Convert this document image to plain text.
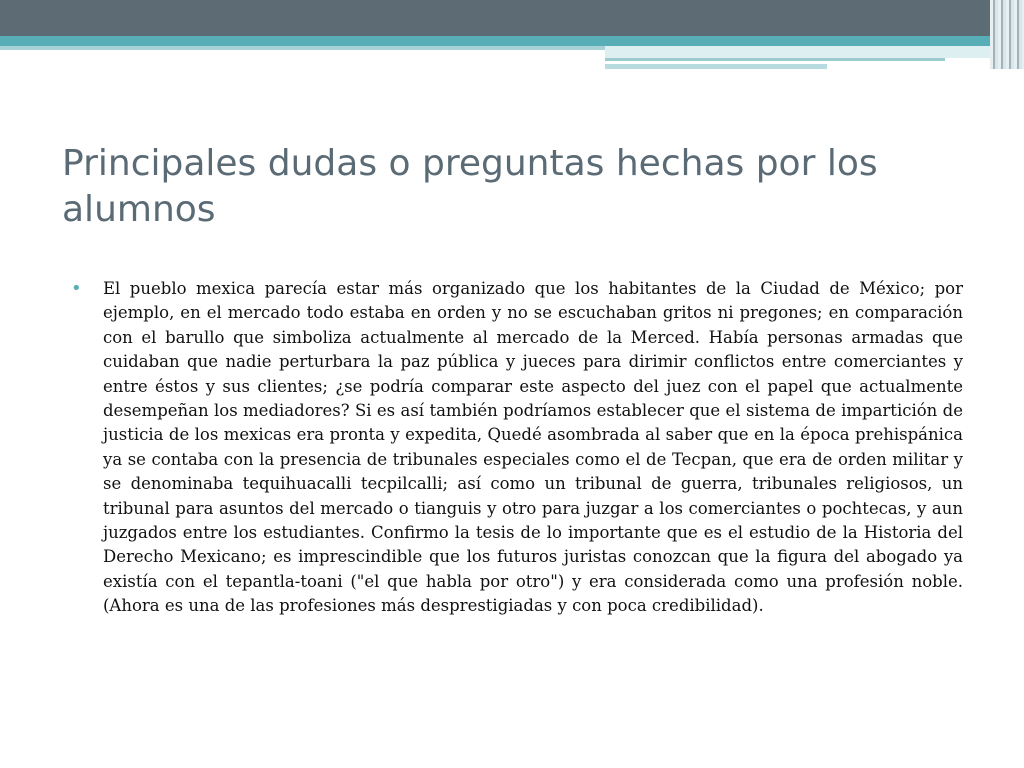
Principales dudas o preguntas hechas por los alumnos
• El pueblo mexica parecía estar más organizado que los habitantes de la Ciudad de México; por ejemplo, en el mercado todo estaba en orden y no se escuchaban gritos ni pregones; en comparación con el barullo que simboliza actualmente al mercado de la Merced. Había personas armadas que cuidaban que nadie perturbara la paz pública y jueces para dirimir conflictos entre comerciantes y entre éstos y sus clientes; ¿se podría comparar este aspecto del juez con el papel que actualmente desempeñan los mediadores? Si es así también podríamos establecer que el sistema de impartición de justicia de los mexicas era pronta y expedita, Quedé asombrada al saber que en la época prehispánica ya se contaba con la presencia de tribunales especiales como el de Tecpan, que era de orden militar y se denominaba tequihuacalli tecpilcalli; así como un tribunal de guerra, tribunales religiosos, un tribunal para asuntos del mercado o tianguis y otro para juzgar a los comerciantes o pochtecas, y aun juzgados entre los estudiantes. Confirmo la tesis de lo importante que es el estudio de la Historia del Derecho Mexicano; es imprescindible que los futuros juristas conozcan que la figura del abogado ya existía con el tepantla-toani ("el que habla por otro") y era considerada como una profesión noble. (Ahora es una de las profesiones más desprestigiadas y con poca credibilidad).
